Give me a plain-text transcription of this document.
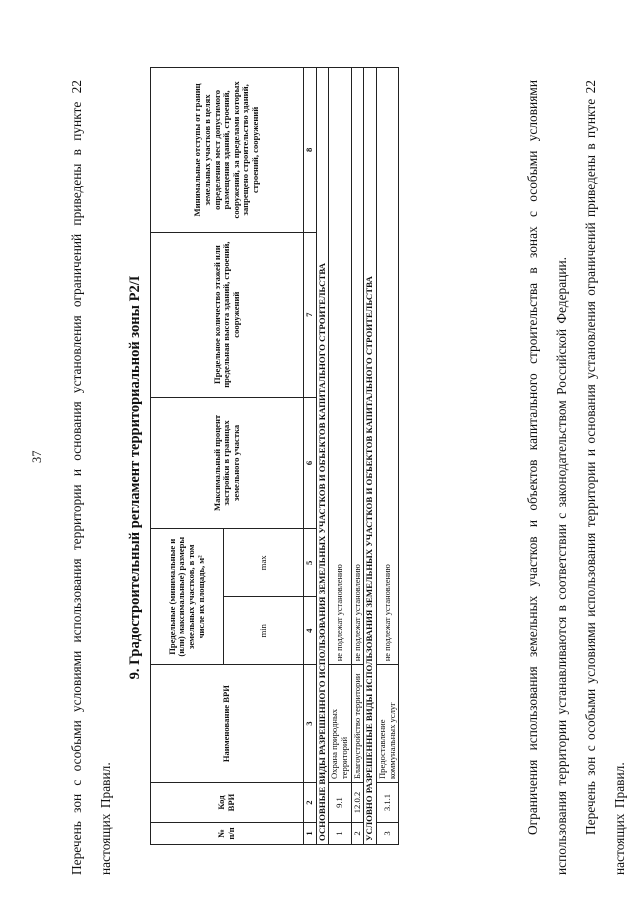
37	Перечень зон с особыми условиями использования территории и основания установления ограничений приведены в пункте 22 настоящих Правил.
9. Градостроительный регламент территориальной зоны Р2/I
№ п/п	Код ВРИ	Наименование ВРИ	Предельные (минимальные и (или) максимальные) размеры земельных участков, в том числе их площадь, м²		Максимальный процент застройки в границах земельного участка	Предельное количество этажей или предельная высота зданий, строений, сооружений	Минимальные отступы от границ земельных участков в целях определения мест допустимого размещения зданий, строений, сооружений, за пределами которых запрещено строительство зданий, строений, сооружений
			min	max			
1	2	3	4	5	6	7	8
ОСНОВНЫЕ ВИДЫ РАЗРЕШЕННОГО ИСПОЛЬЗОВАНИЯ ЗЕМЕЛЬНЫХ УЧАСТКОВ И ОБЪЕКТОВ КАПИТАЛЬНОГО СТРОИТЕЛЬСТВА							
1	9.1	Охрана природных территорий	не подлежат установлению				
2	12.0.2	Благоустройство территории	не подлежат установлению				
УСЛОВНО РАЗРЕШЕННЫЕ ВИДЫ ИСПОЛЬЗОВАНИЯ ЗЕМЕЛЬНЫХ УЧАСТКОВ И ОБЪЕКТОВ КАПИТАЛЬНОГО СТРОИТЕЛЬСТВА							
3	3.1.1	Предоставление коммунальных услуг	не подлежат установлению					Ограничения использования земельных участков и объектов капитального строительства в зонах с особыми условиями использования территории устанавливаются в соответствии с законодательством Российской Федерации.	Перечень зон с особыми условиями использования территории и основания установления ограничений приведены в пункте 22 настоящих Правил.
